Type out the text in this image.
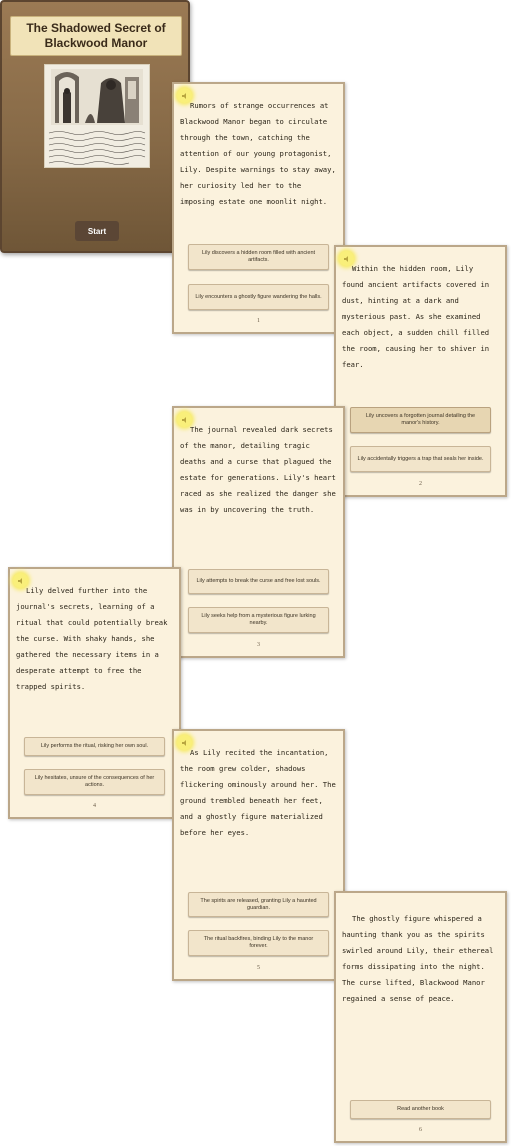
The Shadowed Secret of Blackwood Manor
Start
Rumors of strange occurrences at Blackwood Manor began to circulate through the town, catching the attention of our young protagonist, Lily. Despite warnings to stay away, her curiosity led her to the imposing estate one moonlit night.
Lily discovers a hidden room filled with ancient artifacts.
Lily encounters a ghostly figure wandering the halls.
1
Within the hidden room, Lily found ancient artifacts covered in dust, hinting at a dark and mysterious past. As she examined each object, a sudden chill filled the room, causing her to shiver in fear.
Lily uncovers a forgotten journal detailing the manor's history.
Lily accidentally triggers a trap that seals her inside.
2
The journal revealed dark secrets of the manor, detailing tragic deaths and a curse that plagued the estate for generations. Lily's heart raced as she realized the danger she was in by uncovering the truth.
Lily attempts to break the curse and free lost souls.
Lily seeks help from a mysterious figure lurking nearby.
3
Lily delved further into the journal's secrets, learning of a ritual that could potentially break the curse. With shaky hands, she gathered the necessary items in a desperate attempt to free the trapped spirits.
Lily performs the ritual, risking her own soul.
Lily hesitates, unsure of the consequences of her actions.
4
As Lily recited the incantation, the room grew colder, shadows flickering ominously around her. The ground trembled beneath her feet, and a ghostly figure materialized before her eyes.
The spirits are released, granting Lily a haunted guardian.
The ritual backfires, binding Lily to the manor forever.
5
The ghostly figure whispered a haunting thank you as the spirits swirled around Lily, their ethereal forms dissipating into the night. The curse lifted, Blackwood Manor regained a sense of peace.
Read another book
6
